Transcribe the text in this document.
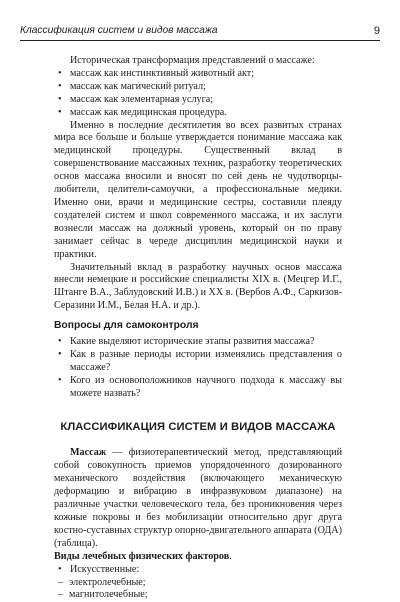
Классификация систем и видов массажа	9

Историческая трансформация представлений о массаже:

• массаж как инстинктивный животный акт;
• массаж как магический ритуал;
• массаж как элементарная услуга;
• массаж как медицинская процедура.

Именно в последние десятилетия во всех развитых странах мира все больше и больше утверждается понимание массажа как медицинской процедуры. Существенный вклад в совершенствование массажных техник, разработку теоретических основ массажа вносили и вносят по сей день не чудотворцы-любители, целители-самоучки, а профессиональные медики. Именно они, врачи и медицинские сестры, составили плеяду создателей систем и школ современного массажа, и их заслуги вознесли массаж на должный уровень, который он по праву занимает сейчас в череде дисциплин медицинской науки и практики.

Значительный вклад в разработку научных основ массажа внесли немецкие и российские специалисты XIX в. (Мецгер И.Г., Штанге В.А., Заблудовский И.В.) и XX в. (Вербов А.Ф., Саркизов-Серазини И.М., Белая Н.А. и др.).

Вопросы для самоконтроля
• Какие выделяют исторические этапы развития массажа?
• Как в разные периоды истории изменялись представления о массаже?
• Кого из основоположников научного подхода к массажу вы можете назвать?
КЛАССИФИКАЦИЯ СИСТЕМ И ВИДОВ МАССАЖА

Массаж — физиотерапевтический метод, представляющий собой совокупность приемов упорядоченного дозированного механического воздействия (включающего механическую деформацию и вибрацию в инфразвуковом диапазоне) на различные участки человеческого тела, без проникновения через кожные покровы и без мобилизации относительно друг друга костно-суставных структур опорно-двигательного аппарата (ОДА) (таблица).

Виды лечебных физических факторов.

• Искусственные:
– электролечебные;
– магнитолечебные;
